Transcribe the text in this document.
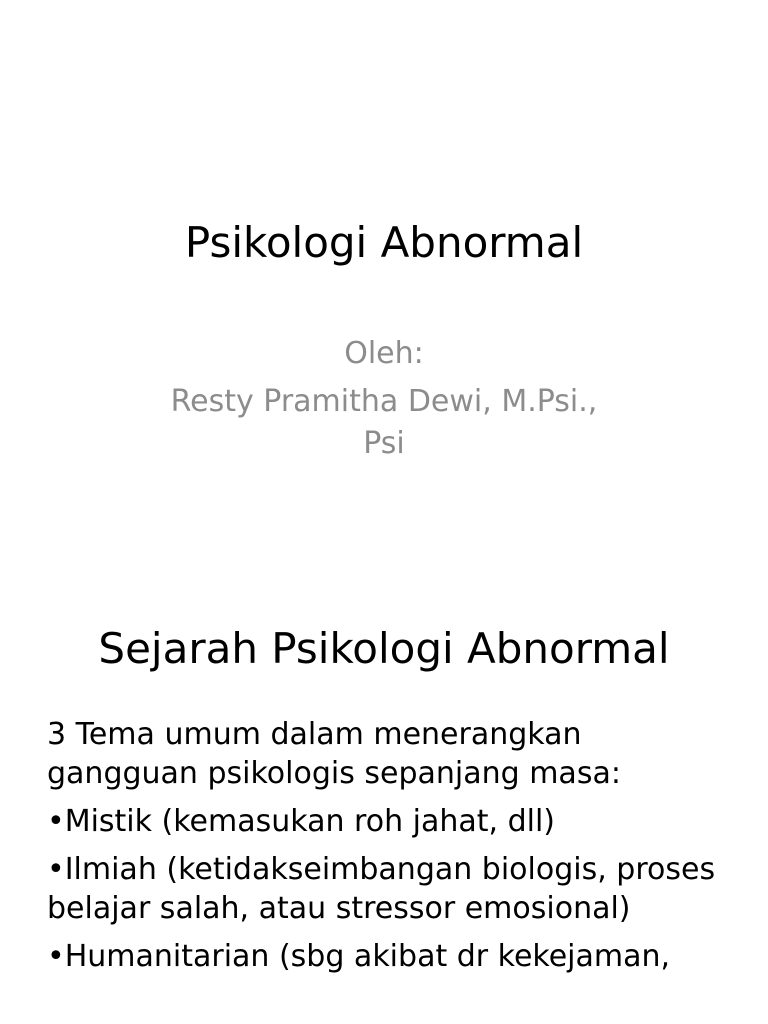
Psikologi Abnormal

Oleh:

Resty Pramitha Dewi, M.Psi.,

Psi

Sejarah Psikologi Abnormal

3 Tema umum dalam menerangkan gangguan psikologis sepanjang masa:

•Mistik (kemasukan roh jahat, dll)
•Ilmiah (ketidakseimbangan biologis, proses belajar salah, atau stressor emosional)
•Humanitarian (sbg akibat dr kekejaman,
